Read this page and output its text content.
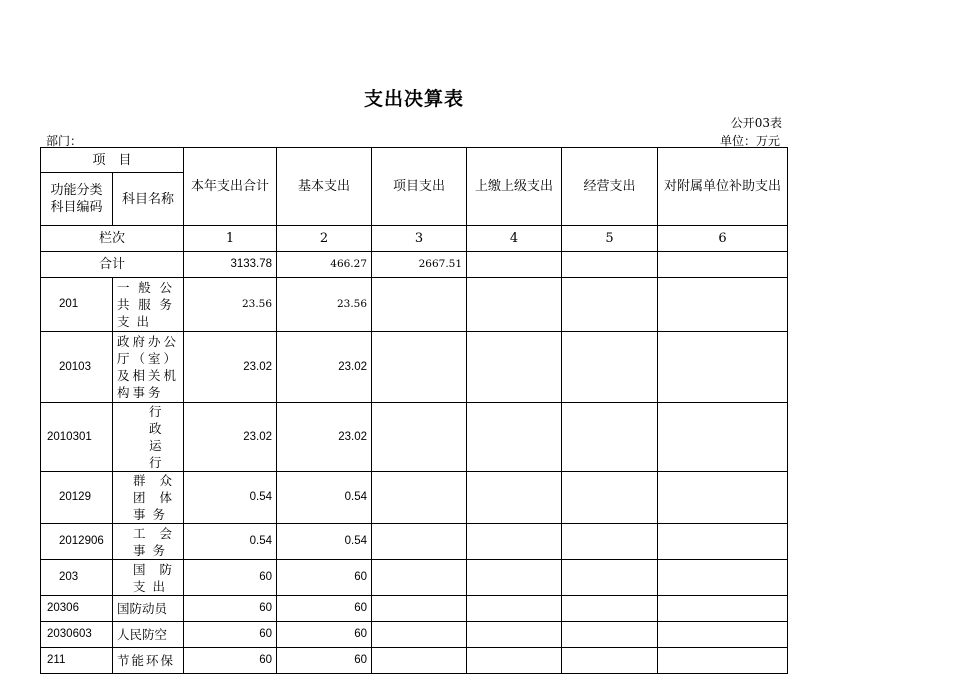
支出决算表
公开03表
部门：	单位：万元
项　目		本年支出合计	基本支出	项目支出	上缴上级支出	经营支出	对附属单位补助支出
功能分类科目编码	科目名称						
栏次		1	2	3	4	5	6
合计		3133.78	466.27	2667.51			
201	一般公共服务支出	23.56	23.56				
20103	政府办公厅（室）及相关机构事务	23.02	23.02				
2010301	行政运行	23.02	23.02				
20129	群众团体事务	0.54	0.54				
2012906	工会事务	0.54	0.54				
203	国防支出	60	60				
20306	国防动员	60	60				
2030603	人民防空	60	60				
211	节能环保	60	60				
